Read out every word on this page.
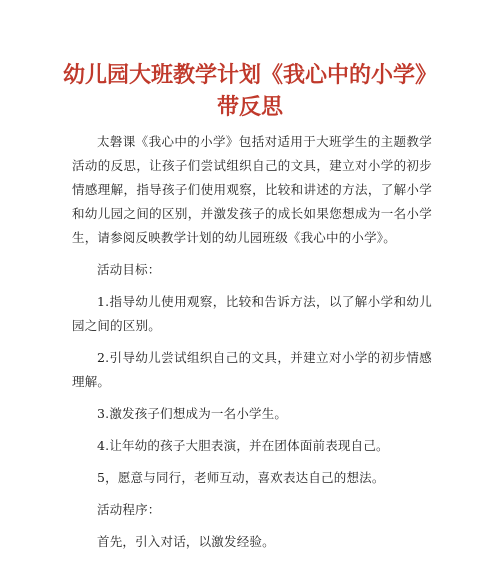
幼儿园大班教学计划《我心中的小学》带反思

太磐课《我心中的小学》包括对适用于大班学生的主题教学活动的反思，让孩子们尝试组织自己的文具，建立对小学的初步情感理解，指导孩子们使用观察，比较和讲述的方法，了解小学和幼儿园之间的区别，并激发孩子的成长如果您想成为一名小学生，请参阅反映教学计划的幼儿园班级《我心中的小学》。

活动目标：

1.指导幼儿使用观察，比较和告诉方法，以了解小学和幼儿园之间的区别。

2.引导幼儿尝试组织自己的文具，并建立对小学的初步情感理解。

3.激发孩子们想成为一名小学生。

4.让年幼的孩子大胆表演，并在团体面前表现自己。

5，愿意与同行，老师互动，喜欢表达自己的想法。

活动程序：

首先，引入对话，以激发经验。
